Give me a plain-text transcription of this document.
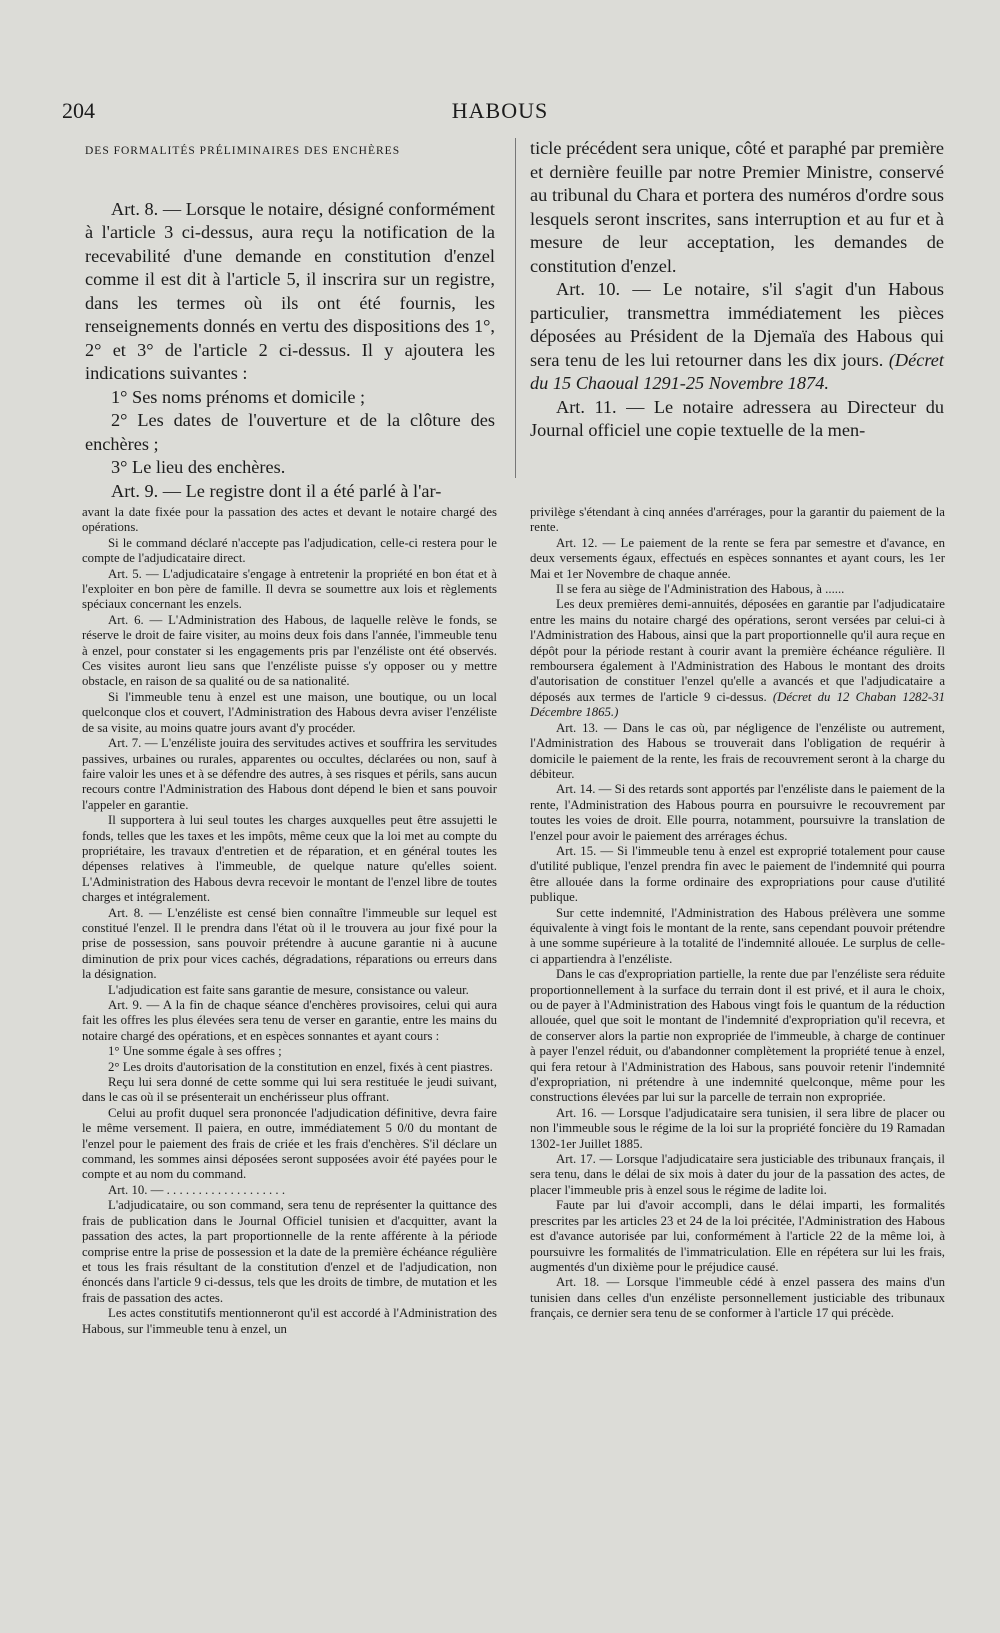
204	HABOUS

DES FORMALITÉS PRÉLIMINAIRES DES ENCHÈRES

Art. 8. — Lorsque le notaire, désigné conformément à l'article 3 ci-dessus, aura reçu la notification de la recevabilité d'une demande en constitution d'enzel comme il est dit à l'article 5, il inscrira sur un registre, dans les termes où ils ont été fournis, les renseignements donnés en vertu des dispositions des 1°, 2° et 3° de l'article 2 ci-dessus. Il y ajoutera les indications suivantes :

1° Ses noms prénoms et domicile ;

2° Les dates de l'ouverture et de la clôture des enchères ;

3° Le lieu des enchères.

Art. 9. — Le registre dont il a été parlé à l'ar-

ticle précédent sera unique, côté et paraphé par première et dernière feuille par notre Premier Ministre, conservé au tribunal du Chara et portera des numéros d'ordre sous lesquels seront inscrites, sans interruption et au fur et à mesure de leur acceptation, les demandes de constitution d'enzel.

Art. 10. — Le notaire, s'il s'agit d'un Habous particulier, transmettra immédiatement les pièces déposées au Président de la Djemaïa des Habous qui sera tenu de les lui retourner dans les dix jours. (Décret du 15 Chaoual 1291-25 Novembre 1874.

Art. 11. — Le notaire adressera au Directeur du Journal officiel une copie textuelle de la men-

avant la date fixée pour la passation des actes et devant le notaire chargé des opérations.

Si le command déclaré n'accepte pas l'adjudication, celle-ci restera pour le compte de l'adjudicataire direct.

Art. 5. — L'adjudicataire s'engage à entretenir la propriété en bon état et à l'exploiter en bon père de famille. Il devra se soumettre aux lois et règlements spéciaux concernant les enzels.

Art. 6. — L'Administration des Habous, de laquelle relève le fonds, se réserve le droit de faire visiter, au moins deux fois dans l'année, l'immeuble tenu à enzel, pour constater si les engagements pris par l'enzéliste ont été observés. Ces visites auront lieu sans que l'enzéliste puisse s'y opposer ou y mettre obstacle, en raison de sa qualité ou de sa nationalité.

Si l'immeuble tenu à enzel est une maison, une boutique, ou un local quelconque clos et couvert, l'Administration des Habous devra aviser l'enzéliste de sa visite, au moins quatre jours avant d'y procéder.

Art. 7. — L'enzéliste jouira des servitudes actives et souffrira les servitudes passives, urbaines ou rurales, apparentes ou occultes, déclarées ou non, sauf à faire valoir les unes et à se défendre des autres, à ses risques et périls, sans aucun recours contre l'Administration des Habous dont dépend le bien et sans pouvoir l'appeler en garantie.

Il supportera à lui seul toutes les charges auxquelles peut être assujetti le fonds, telles que les taxes et les impôts, même ceux que la loi met au compte du propriétaire, les travaux d'entretien et de réparation, et en général toutes les dépenses relatives à l'immeuble, de quelque nature qu'elles soient. L'Administration des Habous devra recevoir le montant de l'enzel libre de toutes charges et intégralement.

Art. 8. — L'enzéliste est censé bien connaître l'immeuble sur lequel est constitué l'enzel. Il le prendra dans l'état où il le trouvera au jour fixé pour la prise de possession, sans pouvoir prétendre à aucune garantie ni à aucune diminution de prix pour vices cachés, dégradations, réparations ou erreurs dans la désignation.

L'adjudication est faite sans garantie de mesure, consistance ou valeur.

Art. 9. — A la fin de chaque séance d'enchères provisoires, celui qui aura fait les offres les plus élevées sera tenu de verser en garantie, entre les mains du notaire chargé des opérations, et en espèces sonnantes et ayant cours :

1° Une somme égale à ses offres ;

2° Les droits d'autorisation de la constitution en enzel, fixés à cent piastres.

Reçu lui sera donné de cette somme qui lui sera restituée le jeudi suivant, dans le cas où il se présenterait un enchérisseur plus offrant.

Celui au profit duquel sera prononcée l'adjudication définitive, devra faire le même versement. Il paiera, en outre, immédiatement 5 0/0 du montant de l'enzel pour le paiement des frais de criée et les frais d'enchères. S'il déclare un command, les sommes ainsi déposées seront supposées avoir été payées pour le compte et au nom du command.

Art. 10. — . . . . . . . . . . . . . . . . . . .

L'adjudicataire, ou son command, sera tenu de représenter la quittance des frais de publication dans le Journal Officiel tunisien et d'acquitter, avant la passation des actes, la part proportionnelle de la rente afférente à la période comprise entre la prise de possession et la date de la première échéance régulière et tous les frais résultant de la constitution d'enzel et de l'adjudication, non énoncés dans l'article 9 ci-dessus, tels que les droits de timbre, de mutation et les frais de passation des actes.

Les actes constitutifs mentionneront qu'il est accordé à l'Administration des Habous, sur l'immeuble tenu à enzel, un

privilège s'étendant à cinq années d'arrérages, pour la garantir du paiement de la rente.

Art. 12. — Le paiement de la rente se fera par semestre et d'avance, en deux versements égaux, effectués en espèces sonnantes et ayant cours, les 1er Mai et 1er Novembre de chaque année.

Il se fera au siège de l'Administration des Habous, à ......

Les deux premières demi-annuités, déposées en garantie par l'adjudicataire entre les mains du notaire chargé des opérations, seront versées par celui-ci à l'Administration des Habous, ainsi que la part proportionnelle qu'il aura reçue en dépôt pour la période restant à courir avant la première échéance régulière. Il remboursera également à l'Administration des Habous le montant des droits d'autorisation de constituer l'enzel qu'elle a avancés et que l'adjudicataire a déposés aux termes de l'article 9 ci-dessus. (Décret du 12 Chaban 1282-31 Décembre 1865.)

Art. 13. — Dans le cas où, par négligence de l'enzéliste ou autrement, l'Administration des Habous se trouverait dans l'obligation de requérir à domicile le paiement de la rente, les frais de recouvrement seront à la charge du débiteur.

Art. 14. — Si des retards sont apportés par l'enzéliste dans le paiement de la rente, l'Administration des Habous pourra en poursuivre le recouvrement par toutes les voies de droit. Elle pourra, notamment, poursuivre la translation de l'enzel pour avoir le paiement des arrérages échus.

Art. 15. — Si l'immeuble tenu à enzel est exproprié totalement pour cause d'utilité publique, l'enzel prendra fin avec le paiement de l'indemnité qui pourra être allouée dans la forme ordinaire des expropriations pour cause d'utilité publique.

Sur cette indemnité, l'Administration des Habous prélèvera une somme équivalente à vingt fois le montant de la rente, sans cependant pouvoir prétendre à une somme supérieure à la totalité de l'indemnité allouée. Le surplus de celle-ci appartiendra à l'enzéliste.

Dans le cas d'expropriation partielle, la rente due par l'enzéliste sera réduite proportionnellement à la surface du terrain dont il est privé, et il aura le choix, ou de payer à l'Administration des Habous vingt fois le quantum de la réduction allouée, quel que soit le montant de l'indemnité d'expropriation qu'il recevra, et de conserver alors la partie non expropriée de l'immeuble, à charge de continuer à payer l'enzel réduit, ou d'abandonner complètement la propriété tenue à enzel, qui fera retour à l'Administration des Habous, sans pouvoir retenir l'indemnité d'expropriation, ni prétendre à une indemnité quelconque, même pour les constructions élevées par lui sur la parcelle de terrain non expropriée.

Art. 16. — Lorsque l'adjudicataire sera tunisien, il sera libre de placer ou non l'immeuble sous le régime de la loi sur la propriété foncière du 19 Ramadan 1302-1er Juillet 1885.

Art. 17. — Lorsque l'adjudicataire sera justiciable des tribunaux français, il sera tenu, dans le délai de six mois à dater du jour de la passation des actes, de placer l'immeuble pris à enzel sous le régime de ladite loi.

Faute par lui d'avoir accompli, dans le délai imparti, les formalités prescrites par les articles 23 et 24 de la loi précitée, l'Administration des Habous est d'avance autorisée par lui, conformément à l'article 22 de la même loi, à poursuivre les formalités de l'immatriculation. Elle en répétera sur lui les frais, augmentés d'un dixième pour le préjudice causé.

Art. 18. — Lorsque l'immeuble cédé à enzel passera des mains d'un tunisien dans celles d'un enzéliste personnellement justiciable des tribunaux français, ce dernier sera tenu de se conformer à l'article 17 qui précède.
